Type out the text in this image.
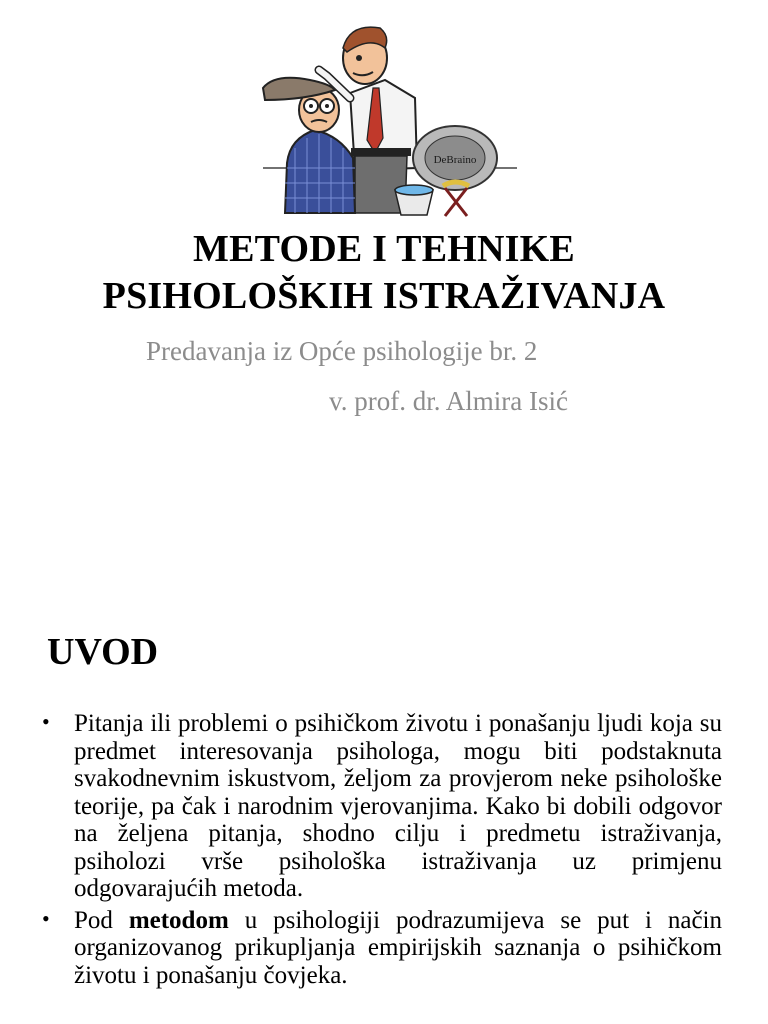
DeBraino
METODE I TEHNIKE
PSIHOLOŠKIH ISTRAŽIVANJA
Predavanja iz Opće psihologije br. 2
v. prof. dr. Almira Isić
UVOD
• Pitanja ili problemi o psihičkom životu i ponašanju ljudi koja su predmet interesovanja psihologa, mogu biti podstaknuta svakodnevnim iskustvom, željom za provjerom neke psihološke teorije, pa čak i narodnim vjerovanjima. Kako bi dobili odgovor na željena pitanja, shodno cilju i predmetu istraživanja, psiholozi vrše psihološka istraživanja uz primjenu odgovarajućih metoda.
• Pod metodom u psihologiji podrazumijeva se put i način organizovanog prikupljanja empirijskih saznanja o psihičkom životu i ponašanju čovjeka.
